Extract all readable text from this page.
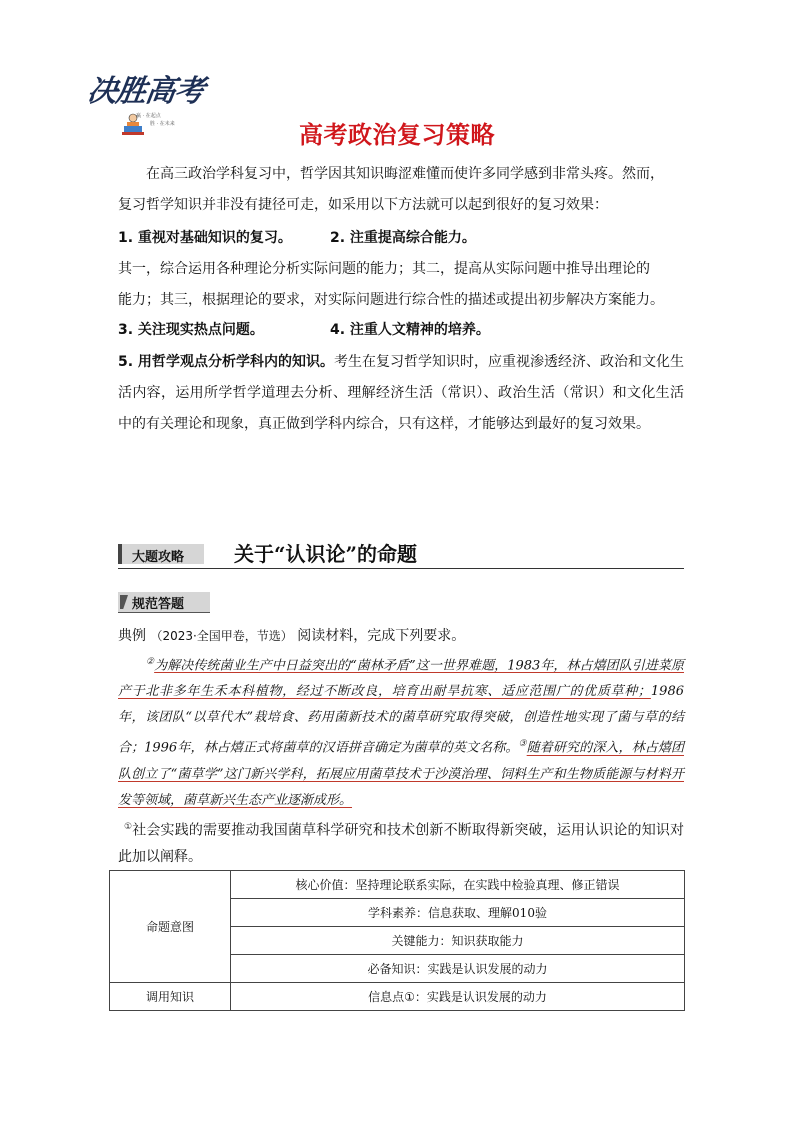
决胜高考
赢 · 在起点
胜 · 在未来	高考政治复习策略
在高三政治学科复习中，哲学因其知识晦涩难懂而使许多同学感到非常头疼。然而，
复习哲学知识并非没有捷径可走，如采用以下方法就可以起到很好的复习效果：
1. 重视对基础知识的复习。	2. 注重提高综合能力。
其一，综合运用各种理论分析实际问题的能力；其二，提高从实际问题中推导出理论的
能力；其三，根据理论的要求，对实际问题进行综合性的描述或提出初步解决方案能力。
3. 关注现实热点问题。	4. 注重人文精神的培养。

5. 用哲学观点分析学科内的知识。考生在复习哲学知识时，应重视渗透经济、政治和文化生活内容，运用所学哲学道理去分析、理解经济生活（常识）、政治生活（常识）和文化生活中的有关理论和现象，真正做到学科内综合，只有这样，才能够达到最好的复习效果。

大题攻略 关于“认识论”的命题
规范答题
典例 （2023·全国甲卷，节选） 阅读材料，完成下列要求。

②为解决传统菌业生产中日益突出的“菌林矛盾”这一世界难题，1983年，林占熺团队引进菜原产于北非多年生禾本科植物，经过不断改良，培育出耐旱抗寒、适应范围广的优质草种；1986年，该团队“以草代木”栽培食、药用菌新技术的菌草研究取得突破，创造性地实现了菌与草的结合；1996年，林占熺正式将菌草的汉语拼音确定为菌草的英文名称。③随着研究的深入，林占熺团队创立了“菌草学”这门新兴学科，拓展应用菌草技术于沙漠治理、饲料生产和生物质能源与材料开发等领域，菌草新兴生态产业逐渐成形。

①社会实践的需要推动我国菌草科学研究和技术创新不断取得新突破，运用认识论的知识对此加以阐释。

命题意图	核心价值：坚持理论联系实际，在实践中检验真理、修正错误
	学科素养：信息获取、理解010验
	关键能力：知识获取能力
	必备知识：实践是认识发展的动力
调用知识	信息点①：实践是认识发展的动力
